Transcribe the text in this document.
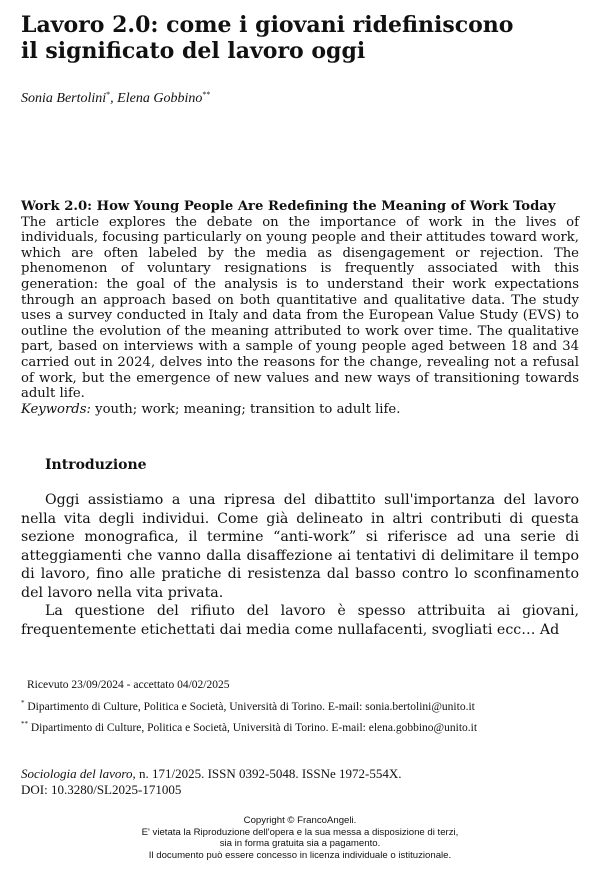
Lavoro 2.0: come i giovani ridefiniscono
il significato del lavoro oggi
Sonia Bertolini*, Elena Gobbino**
Work 2.0: How Young People Are Redefining the Meaning of Work Today
The article explores the debate on the importance of work in the lives of individuals, focusing particularly on young people and their attitudes toward work, which are often labeled by the media as disengagement or rejection. The phenomenon of voluntary resignations is frequently associated with this generation: the goal of the analysis is to understand their work expectations through an approach based on both quantitative and qualitative data. The study uses a survey conducted in Italy and data from the European Value Study (EVS) to outline the evolution of the meaning attributed to work over time. The qualitative part, based on interviews with a sample of young people aged between 18 and 34 carried out in 2024, delves into the reasons for the change, revealing not a refusal of work, but the emergence of new values and new ways of transitioning towards adult life.
Keywords: youth; work; meaning; transition to adult life.
Introduzione

Oggi assistiamo a una ripresa del dibattito sull'importanza del lavoro nella vita degli individui. Come già delineato in altri contributi di questa sezione monografica, il termine “anti-work” si riferisce ad una serie di atteggiamenti che vanno dalla disaffezione ai tentativi di delimitare il tempo di lavoro, fino alle pratiche di resistenza dal basso contro lo sconfinamento del lavoro nella vita privata.

La questione del rifiuto del lavoro è spesso attribuita ai giovani, frequentemente etichettati dai media come nullafacenti, svogliati ecc… Ad

Ricevuto 23/09/2024 - accettato 04/02/2025
* Dipartimento di Culture, Politica e Società, Università di Torino. E-mail: sonia.bertolini@unito.it
** Dipartimento di Culture, Politica e Società, Università di Torino. E-mail: elena.gobbino@unito.it
Sociologia del lavoro, n. 171/2025. ISSN 0392-5048. ISSNe 1972-554X.
DOI: 10.3280/SL2025-171005
Copyright © FrancoAngeli.
E' vietata la Riproduzione dell'opera e la sua messa a disposizione di terzi,
sia in forma gratuita sia a pagamento.
Il documento può essere concesso in licenza individuale o istituzionale.
